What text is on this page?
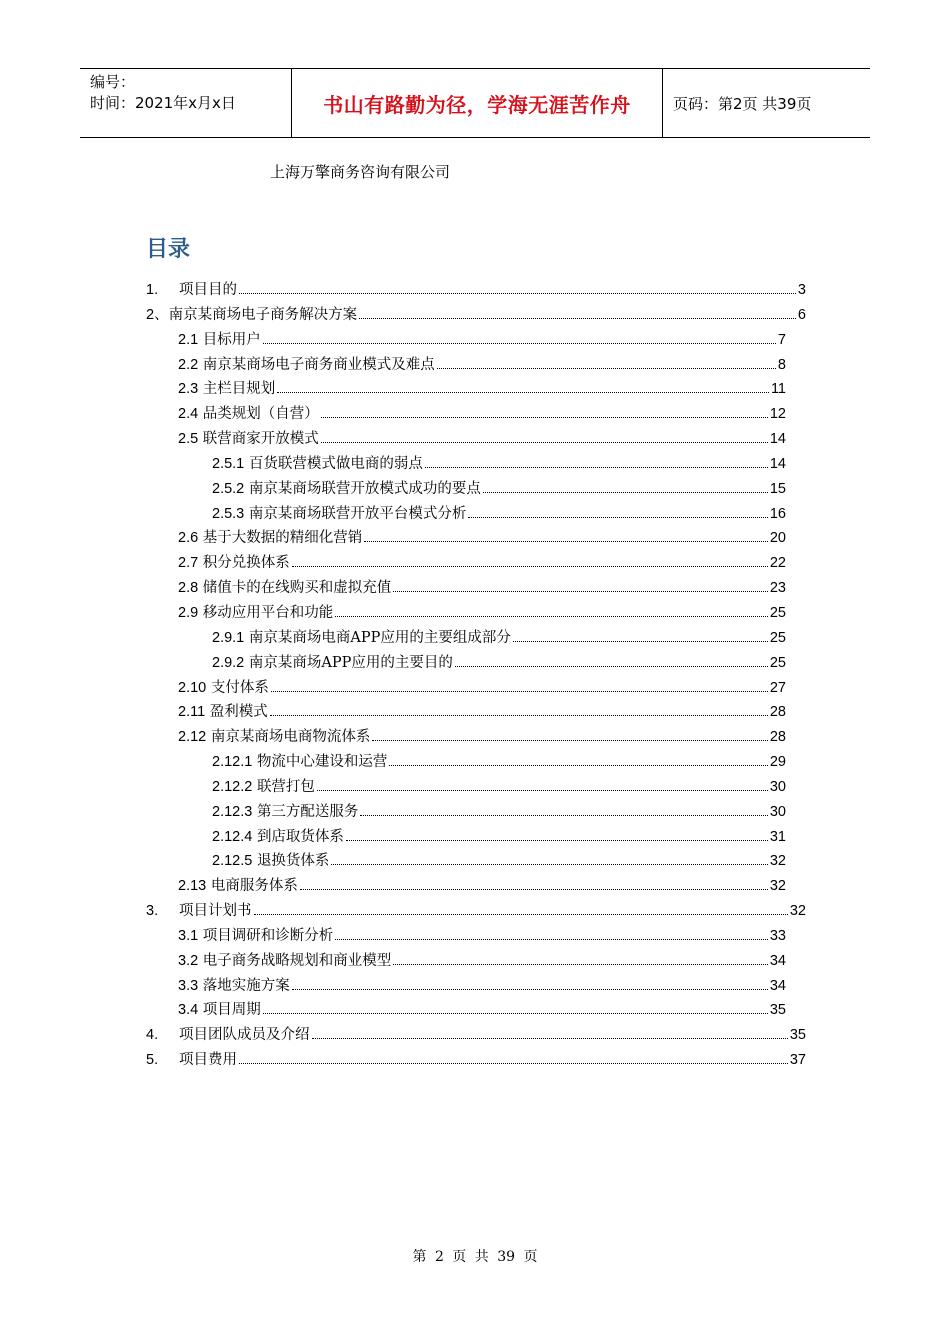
编号：
时间：2021年x月x日	书山有路勤为径，学海无涯苦作舟	页码：第2页 共39页
上海万擎商务咨询有限公司
目录
1. 项目目的	3
2、南京某商场电子商务解决方案	6
2.1 目标用户	7
2.2 南京某商场电子商务商业模式及难点	8
2.3 主栏目规划	11
2.4 品类规划（自营）	12
2.5 联营商家开放模式	14
2.5.1 百货联营模式做电商的弱点	14
2.5.2 南京某商场联营开放模式成功的要点	15
2.5.3 南京某商场联营开放平台模式分析	16
2.6 基于大数据的精细化营销	20
2.7 积分兑换体系	22
2.8 储值卡的在线购买和虚拟充值	23
2.9 移动应用平台和功能	25
2.9.1 南京某商场电商APP应用的主要组成部分	25
2.9.2 南京某商场APP应用的主要目的	25
2.10 支付体系	27
2.11 盈利模式	28
2.12 南京某商场电商物流体系	28
2.12.1 物流中心建设和运营	29
2.12.2 联营打包	30
2.12.3 第三方配送服务	30
2.12.4 到店取货体系	31
2.12.5 退换货体系	32
2.13 电商服务体系	32
3. 项目计划书	32
3.1 项目调研和诊断分析	33
3.2 电子商务战略规划和商业模型	34
3.3 落地实施方案	34
3.4 项目周期	35
4. 项目团队成员及介绍	35
5. 项目费用	37
第 2 页 共 39 页
